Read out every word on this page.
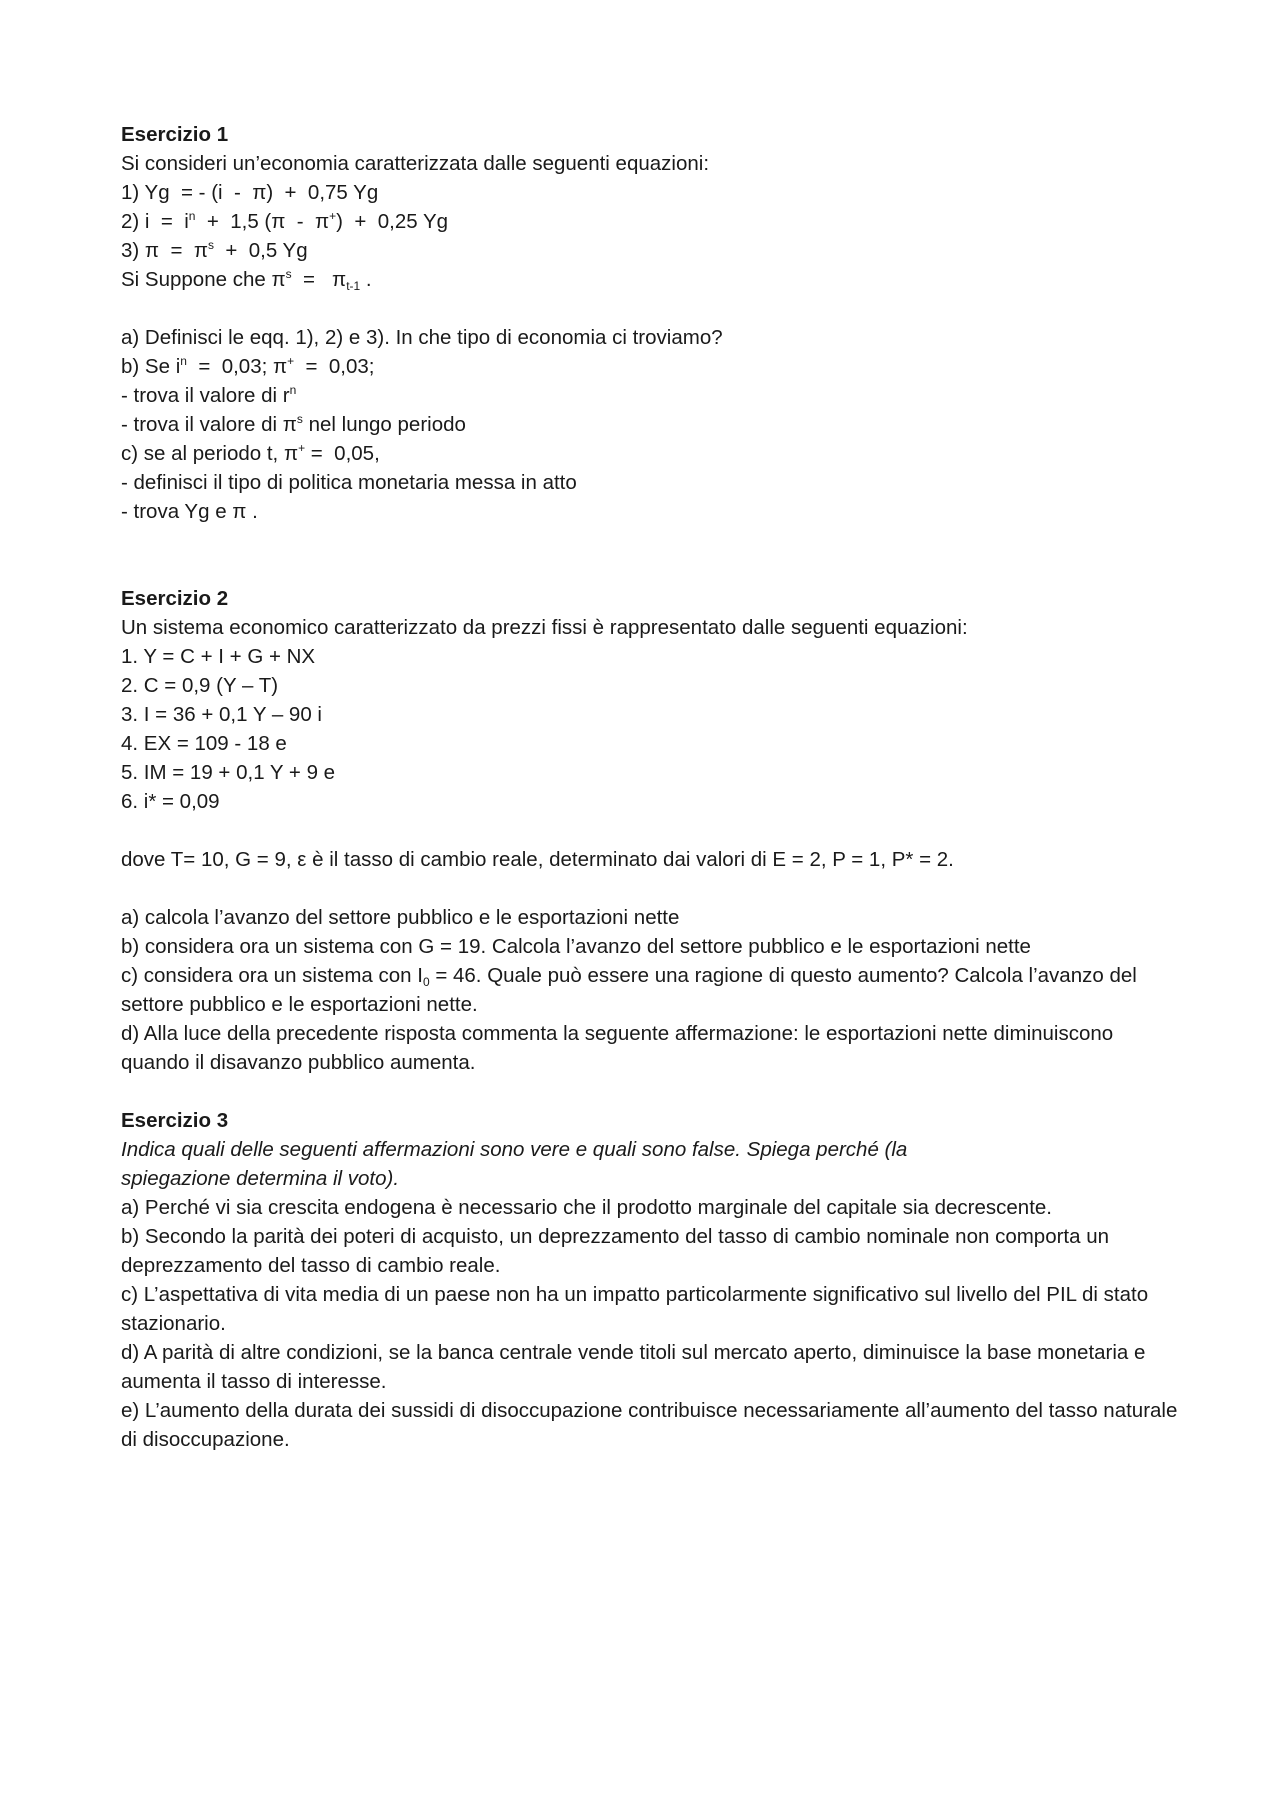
Esercizio 1
Si consideri un’economia caratterizzata dalle seguenti equazioni:
1) Yg  = - (i  -  π)  +  0,75 Yg
2) $i = i^n + 1,5$ (π  -  π+)  +  0,25 Yg
3) $\pi = \pi^s + 0,5$ Yg
Si Suppone che $\pi^s = \pi_{t-1}$ .
a) Definisci le eqq. 1), 2) e 3). In che tipo di economia ci troviamo?
b) Se $i^n = 0,03$; π+  =  0,03;
- trova il valore di $r^n$
- trova il valore di $\pi^s$ nel lungo periodo
c) se al periodo t, π+ =  0,05,
- definisci il tipo di politica monetaria messa in atto
- trova Yg e π .
Esercizio 2
Un sistema economico caratterizzato da prezzi fissi è rappresentato dalle seguenti equazioni:
1. Y = C + I + G + NX
2. C = 0,9 (Y – T)
3. I = 36 + 0,1 Y – 90 i
4. EX = 109 - 18 e
5. IM = 19 + 0,1 Y + 9 e
6. i* = 0,09
dove T= 10, G = 9, ε è il tasso di cambio reale, determinato dai valori di E = 2, P = 1, P* = 2.
a) calcola l’avanzo del settore pubblico e le esportazioni nette
b) considera ora un sistema con G = 19. Calcola l’avanzo del settore pubblico e le esportazioni nette
c) considera ora un sistema con $I_0 = 46$. Quale può essere una ragione di questo aumento? Calcola l’avanzo del settore pubblico e le esportazioni nette.
d) Alla luce della precedente risposta commenta la seguente affermazione: le esportazioni nette diminuiscono quando il disavanzo pubblico aumenta.
Esercizio 3
Indica quali delle seguenti affermazioni sono vere e quali sono false. Spiega perché (la
spiegazione determina il voto).
a) Perché vi sia crescita endogena è necessario che il prodotto marginale del capitale sia decrescente.
b) Secondo la parità dei poteri di acquisto, un deprezzamento del tasso di cambio nominale non comporta un deprezzamento del tasso di cambio reale.
c) L’aspettativa di vita media di un paese non ha un impatto particolarmente significativo sul livello del PIL di stato stazionario.
d) A parità di altre condizioni, se la banca centrale vende titoli sul mercato aperto, diminuisce la base monetaria e aumenta il tasso di interesse.
e) L’aumento della durata dei sussidi di disoccupazione contribuisce necessariamente all’aumento del tasso naturale di disoccupazione.
